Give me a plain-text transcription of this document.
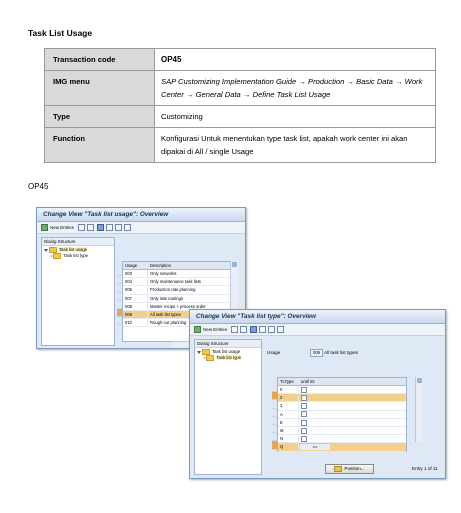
Task List Usage
Transaction code	OP45
IMG menu	SAP Customizing Implementation Guide → Production → Basic Data → Work Center → General Data → Define Task List Usage
Type	Customizing
Function	Konfigurasi Untuk menentukan type task list, apakah work center ini akan dipakai di All / single Usage
OP45
Change View "Task list usage": Overview
New Entries
Dialog Structure
Task list usage
•	Task list type
Usage	Description
003	Only networks
004	Only maintenance task lists
005	Production rate planning
007	Only rate routings
008	Master recipe + process order
009	All task list types
010	Rough-cut planning
Change View "Task list type": Overview
New Entries
Dialog Structure
Task list usage
•	Task list type
Usage	009 All task list types
TLType	until mt
0
2
3
A
E
M
N
Q	◂ ▸
Position...	Entry 1 of 11
